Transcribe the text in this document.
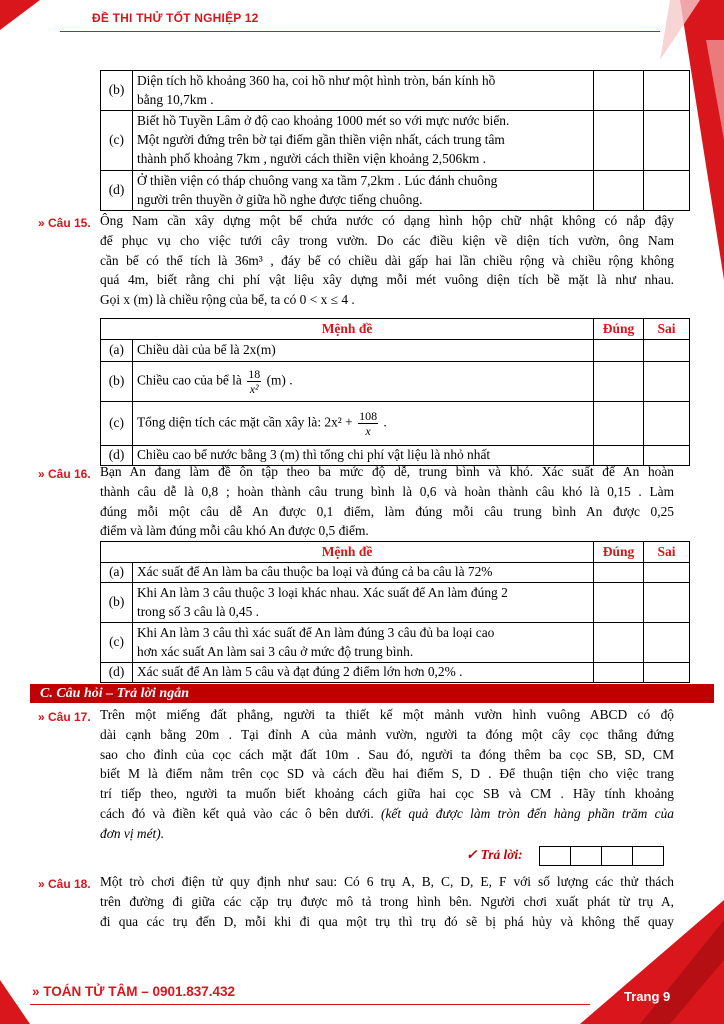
ĐỀ THI THỬ TỐT NGHIỆP 12
(b)	Diện tích hồ khoảng 360 ha, coi hồ như một hình tròn, bán kính hồ
bằng 10,7km .		

(c)	Biết hồ Tuyền Lâm ở độ cao khoảng 1000 mét so với mực nước biển.
Một người đứng trên bờ tại điểm gần thiền viện nhất, cách trung tâm
thành phố khoảng 7km , người cách thiền viện khoảng 2,506km .		

(d)	Ở thiền viện có tháp chuông vang xa tầm 7,2km . Lúc đánh chuông
người trên thuyền ở giữa hồ nghe được tiếng chuông.		

» Câu 15. Ông Nam cần xây dựng một bể chứa nước có dạng hình hộp chữ nhật không có nắp đậy
để phục vụ cho việc tưới cây trong vườn. Do các điều kiện về diện tích vườn, ông Nam
cần bể có thể tích là 36m³ , đáy bể có chiều dài gấp hai lần chiều rộng và chiều rộng không
quá 4m, biết rằng chi phí vật liệu xây dựng mỗi mét vuông diện tích bề mặt là như nhau.
Gọi x (m) là chiều rộng của bể, ta có 0 < x ≤ 4 .
Mệnh đề		Đúng	Sai
(a)	Chiều dài của bể là 2x(m)		
(b)	Chiều cao của bể là $\frac{18}{\text{x²}} (m)$ .		
(c)	Tổng diện tích các mặt cần xây là: $2x^2 + \frac{108}{x}$ .		
(d)	Chiều cao bể nước bằng 3 (m) thì tổng chi phí vật liệu là nhỏ nhất		
» Câu 16. Bạn An đang làm đề ôn tập theo ba mức độ dễ, trung bình và khó. Xác suất để An hoàn
thành câu dễ là 0,8 ; hoàn thành câu trung bình là 0,6 và hoàn thành câu khó là 0,15 . Làm
đúng mỗi một câu dễ An được 0,1 điểm, làm đúng mỗi câu trung bình An được 0,25
điểm và làm đúng mỗi câu khó An được 0,5 điểm.
Mệnh đề		Đúng	Sai
(a)	Xác suất để An làm ba câu thuộc ba loại và đúng cả ba câu là 72%		
(b)	Khi An làm 3 câu thuộc 3 loại khác nhau. Xác suất để An làm đúng 2
trong số 3 câu là 0,45 .		

(c)	Khi An làm 3 câu thì xác suất để An làm đúng 3 câu đủ ba loại cao
hơn xác suất An làm sai 3 câu ở mức độ trung bình.		

(d)	Xác suất để An làm 5 câu và đạt đúng 2 điểm lớn hơn 0,2% .		
C. Câu hỏi – Trả lời ngắn
» Câu 17. Trên một miếng đất phẳng, người ta thiết kế một mảnh vườn hình vuông ABCD có độ
dài cạnh bằng 20m . Tại đỉnh A của mảnh vườn, người ta đóng một cây cọc thẳng đứng
sao cho đỉnh của cọc cách mặt đất 10m . Sau đó, người ta đóng thêm ba cọc SB, SD, CM
biết M là điểm nằm trên cọc SD và cách đều hai điểm S, D . Để thuận tiện cho việc trang
trí tiếp theo, người ta muốn biết khoảng cách giữa hai cọc SB và CM . Hãy tính khoảng
cách đó và điền kết quả vào các ô bên dưới. (kết quả được làm tròn đến hàng phần trăm của
đơn vị mét).
✓ Trả lời:
» Câu 18. Một trò chơi điện tử quy định như sau: Có 6 trụ A, B, C, D, E, F với số lượng các thử thách
trên đường đi giữa các cặp trụ được mô tả trong hình bên. Người chơi xuất phát từ trụ A,
đi qua các trụ đến D, mỗi khi đi qua một trụ thì trụ đó sẽ bị phá hủy và không thể quay
» TOÁN TỬ TÂM – 0901.837.432	Trang 9
